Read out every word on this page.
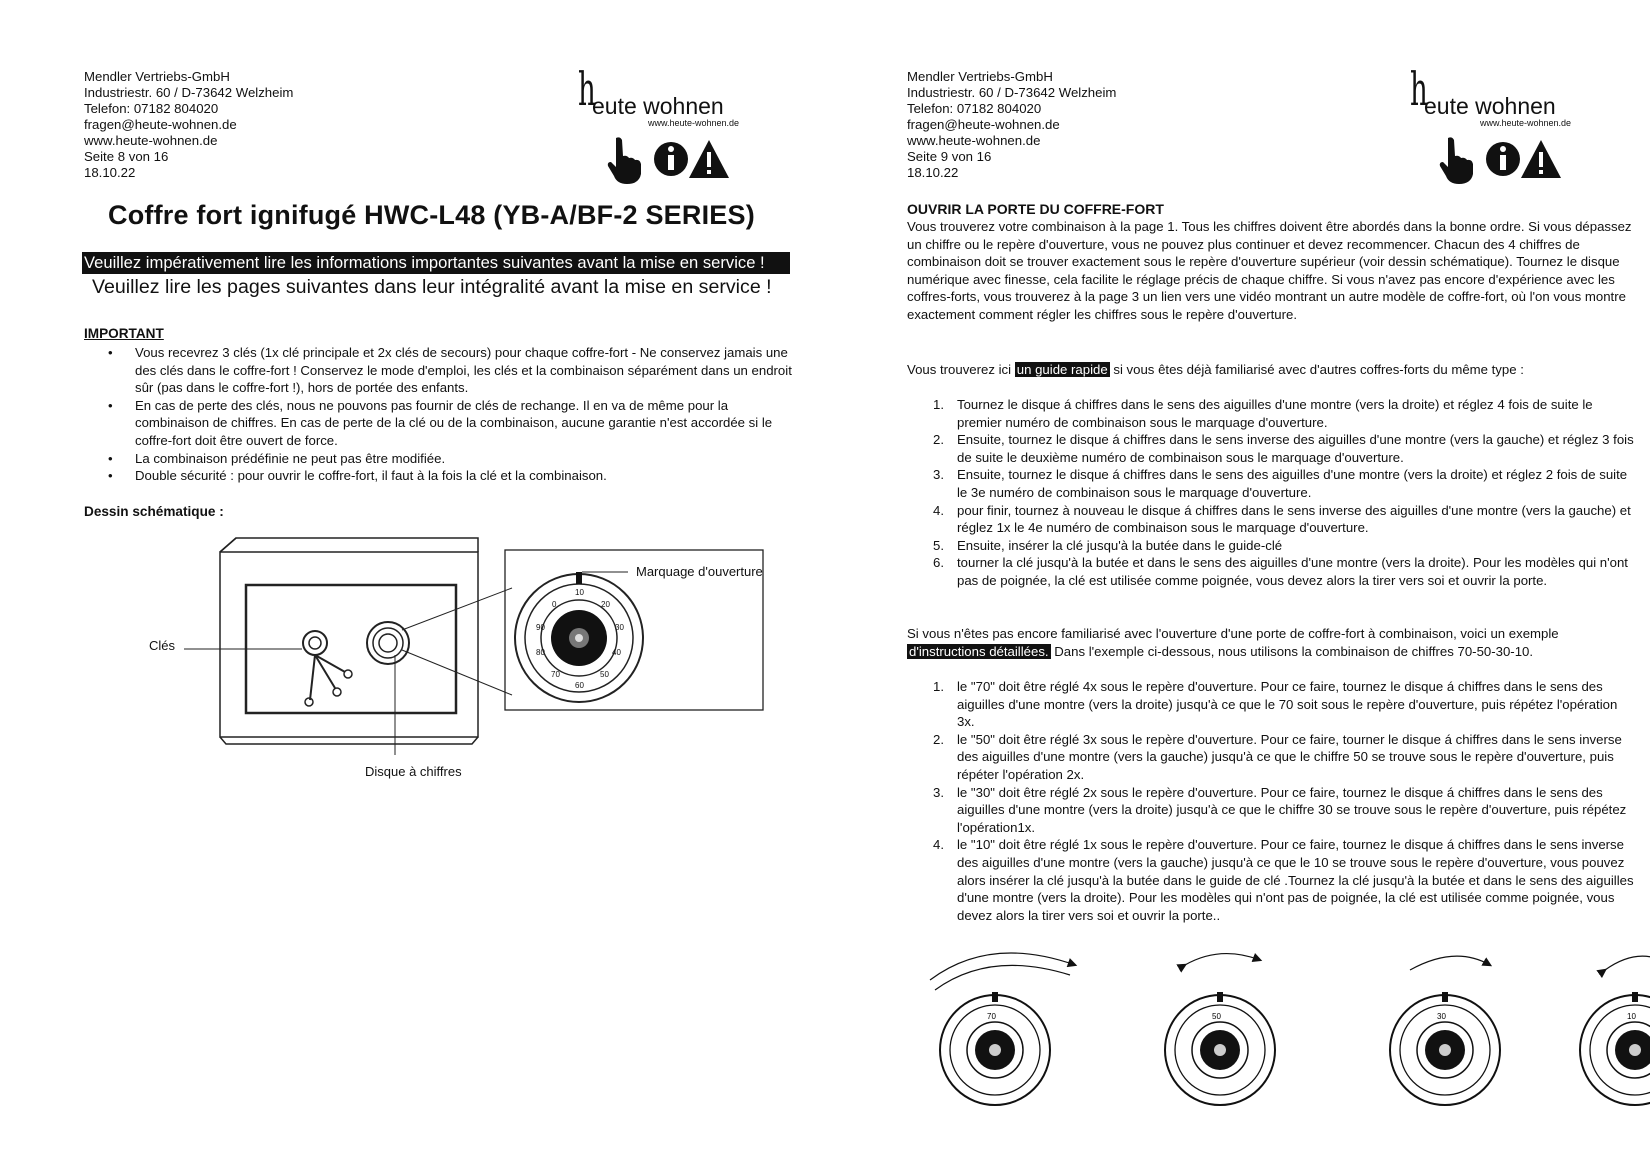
Mendler Vertriebs-GmbH
Industriestr. 60 / D-73642 Welzheim
Telefon: 07182 804020
fragen@heute-wohnen.de
www.heute-wohnen.de
Seite 8 von 16
18.10.22
h
eute wohnen
www.heute-wohnen.de
Coffre fort ignifugé HWC-L48 (YB-A/BF-2 SERIES)
Veuillez impérativement lire les informations importantes suivantes avant la mise en service !
Veuillez lire les pages suivantes dans leur intégralité avant la mise en service !
IMPORTANT
• Vous recevrez 3 clés (1x clé principale et 2x clés de secours) pour chaque coffre-fort - Ne conservez jamais une des clés dans le coffre-fort ! Conservez le mode d'emploi, les clés et la combinaison séparément dans un endroit sûr (pas dans le coffre-fort !), hors de portée des enfants.
• En cas de perte des clés, nous ne pouvons pas fournir de clés de rechange. Il en va de même pour la combinaison de chiffres. En cas de perte de la clé ou de la combinaison, aucune garantie n'est accordée si le coffre-fort doit être ouvert de force.
• La combinaison prédéfinie ne peut pas être modifiée.
• Double sécurité : pour ouvrir le coffre-fort, il faut à la fois la clé et la combinaison.
Dessin schématique :
10
20
30
40
50
60
70
80
90
0
Marquage d'ouverture
Clés
Disque à chiffres
Mendler Vertriebs-GmbH
Industriestr. 60 / D-73642 Welzheim
Telefon: 07182 804020
fragen@heute-wohnen.de
www.heute-wohnen.de
Seite 9 von 16
18.10.22
h
eute wohnen
www.heute-wohnen.de
OUVRIR LA PORTE DU COFFRE-FORT

Vous trouverez votre combinaison à la page 1. Tous les chiffres doivent être abordés dans la bonne ordre. Si vous dépassez un chiffre ou le repère d'ouverture, vous ne pouvez plus continuer et devez recommencer. Chacun des 4 chiffres de combinaison doit se trouver exactement sous le repère d'ouverture supérieur (voir dessin schématique). Tournez le disque numérique avec finesse, cela facilite le réglage précis de chaque chiffre. Si vous n'avez pas encore d'expérience avec les coffres-forts, vous trouverez à la page 3 un lien vers une vidéo montrant un autre modèle de coffre-fort, où l'on vous montre exactement comment régler les chiffres sous le repère d'ouverture.

Vous trouverez ici un guide rapide si vous êtes déjà familiarisé avec d'autres coffres-forts du même type :

1. Tournez le disque á chiffres dans le sens des aiguilles d'une montre (vers la droite) et réglez 4 fois de suite le premier numéro de combinaison sous le marquage d'ouverture.
2. Ensuite, tournez le disque á chiffres dans le sens inverse des aiguilles d'une montre (vers la gauche) et réglez 3 fois de suite le deuxième numéro de combinaison sous le marquage d'ouverture.
3. Ensuite, tournez le disque á chiffres dans le sens des aiguilles d'une montre (vers la droite) et réglez 2 fois de suite le 3e numéro de combinaison sous le marquage d'ouverture.
4. pour finir, tournez à nouveau le disque á chiffres dans le sens inverse des aiguilles d'une montre (vers la gauche) et réglez 1x le 4e numéro de combinaison sous le marquage d'ouverture.
5. Ensuite, insérer la clé jusqu'à la butée dans le guide-clé
6. tourner la clé jusqu'à la butée et dans le sens des aiguilles d'une montre (vers la droite). Pour les modèles qui n'ont pas de poignée, la clé est utilisée comme poignée, vous devez alors la tirer vers soi et ouvrir la porte.

Si vous n'êtes pas encore familiarisé avec l'ouverture d'une porte de coffre-fort à combinaison, voici un exemple d'instructions détaillées. Dans l'exemple ci-dessous, nous utilisons la combinaison de chiffres 70-50-30-10.

1. le "70" doit être réglé 4x sous le repère d'ouverture. Pour ce faire, tournez le disque á chiffres dans le sens des aiguilles d'une montre (vers la droite) jusqu'à ce que le 70 soit sous le repère d'ouverture, puis répétez l'opération 3x.
2. le "50" doit être réglé 3x sous le repère d'ouverture. Pour ce faire, tourner le disque á chiffres dans le sens inverse des aiguilles d'une montre (vers la gauche) jusqu'à ce que le chiffre 50 se trouve sous le repère d'ouverture, puis répéter l'opération 2x.
3. le "30" doit être réglé 2x sous le repère d'ouverture. Pour ce faire, tournez le disque á chiffres dans le sens des aiguilles d'une montre (vers la droite) jusqu'à ce que le chiffre 30 se trouve sous le repère d'ouverture, puis répétez l'opération1x.
4. le "10" doit être réglé 1x sous le repère d'ouverture. Pour ce faire, tournez le disque á chiffres dans le sens inverse des aiguilles d'une montre (vers la gauche) jusqu'à ce que le 10 se trouve sous le repère d'ouverture, vous pouvez alors insérer la clé jusqu'à la butée dans le guide de clé .Tournez la clé jusqu'à la butée et dans le sens des aiguilles d'une montre (vers la droite). Pour les modèles qui n'ont pas de poignée, la clé est utilisée comme poignée, vous devez alors la tirer vers soi et ouvrir la porte..
70	50	30	10
